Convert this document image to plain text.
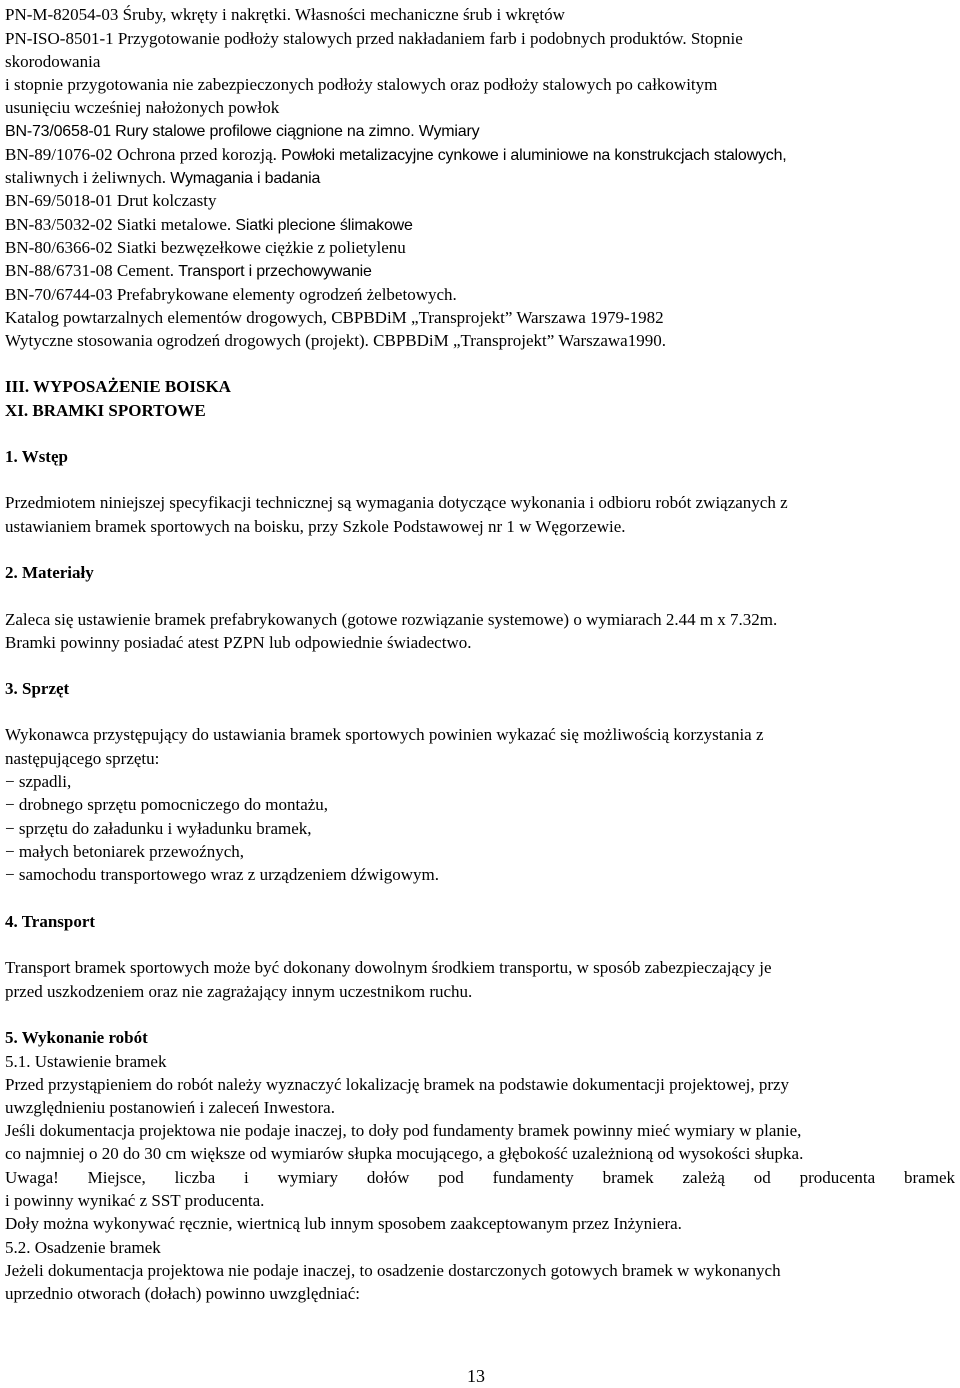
PN-M-82054-03 Śruby, wkręty i nakrętki. Własności mechaniczne śrub i wkrętów
PN-ISO-8501-1 Przygotowanie podłoży stalowych przed nakładaniem farb i podobnych produktów. Stopnie
skorodowania
i stopnie przygotowania nie zabezpieczonych podłoży stalowych oraz podłoży stalowych po całkowitym
usunięciu wcześniej nałożonych powłok
BN-73/0658-01 Rury stalowe profilowe ciągnione na zimno. Wymiary
BN-89/1076-02 Ochrona przed korozją. Powłoki metalizacyjne cynkowe i aluminiowe na konstrukcjach stalowych,
staliwnych i żeliwnych. Wymagania i badania
BN-69/5018-01 Drut kolczasty
BN-83/5032-02 Siatki metalowe. Siatki plecione ślimakowe
BN-80/6366-02 Siatki bezwęzełkowe ciężkie z polietylenu
BN-88/6731-08 Cement. Transport i przechowywanie
BN-70/6744-03 Prefabrykowane elementy ogrodzeń żelbetowych.
Katalog powtarzalnych elementów drogowych, CBPBDiM „Transprojekt” Warszawa 1979-1982
Wytyczne stosowania ogrodzeń drogowych (projekt). CBPBDiM „Transprojekt” Warszawa1990.
III. WYPOSAŻENIE BOISKA
XI. BRAMKI SPORTOWE
1. Wstęp
Przedmiotem niniejszej specyfikacji technicznej są wymagania dotyczące wykonania i odbioru robót związanych z
ustawianiem bramek sportowych na boisku, przy Szkole Podstawowej nr 1 w Węgorzewie.
2. Materiały
Zaleca się ustawienie bramek prefabrykowanych (gotowe rozwiązanie systemowe) o wymiarach 2.44 m x 7.32m.
Bramki powinny posiadać atest PZPN lub odpowiednie świadectwo.
3. Sprzęt
Wykonawca przystępujący do ustawiania bramek sportowych powinien wykazać się możliwością korzystania z
następującego sprzętu:
− szpadli,
− drobnego sprzętu pomocniczego do montażu,
− sprzętu do załadunku i wyładunku bramek,
− małych betoniarek przewoźnych,
− samochodu transportowego wraz z urządzeniem dźwigowym.
4. Transport
Transport bramek sportowych może być dokonany dowolnym środkiem transportu, w sposób zabezpieczający je
przed uszkodzeniem oraz nie zagrażający innym uczestnikom ruchu.
5. Wykonanie robót
5.1. Ustawienie bramek
Przed przystąpieniem do robót należy wyznaczyć lokalizację bramek na podstawie dokumentacji projektowej, przy
uwzględnieniu postanowień i zaleceń Inwestora.
Jeśli dokumentacja projektowa nie podaje inaczej, to doły pod fundamenty bramek powinny mieć wymiary w planie,
co najmniej o 20 do 30 cm większe od wymiarów słupka mocującego, a głębokość uzależnioną od wysokości słupka.
Uwaga! Miejsce, liczba i wymiary dołów pod fundamenty bramek zależą od producenta bramek
i powinny wynikać z SST producenta.
Doły można wykonywać ręcznie, wiertnicą lub innym sposobem zaakceptowanym przez Inżyniera.
5.2. Osadzenie bramek
Jeżeli dokumentacja projektowa nie podaje inaczej, to osadzenie dostarczonych gotowych bramek w wykonanych
uprzednio otworach (dołach) powinno uwzględniać:
13
